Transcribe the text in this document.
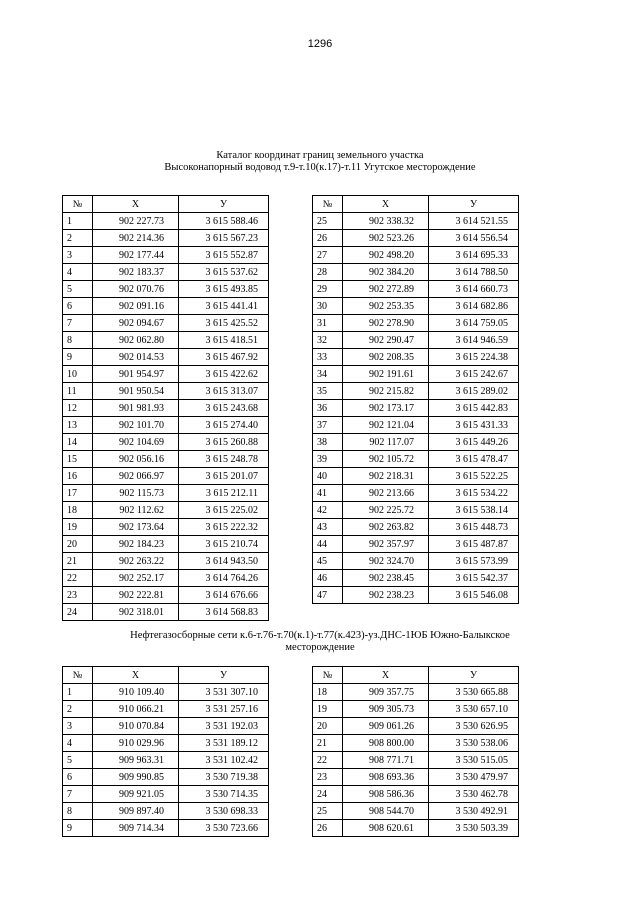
1296
Каталог координат границ земельного участка
Высоконапорный водовод т.9-т.10(к.17)-т.11 Угутское месторождение
№	X	У
1	902 227.73	3 615 588.46
2	902 214.36	3 615 567.23
3	902 177.44	3 615 552.87
4	902 183.37	3 615 537.62
5	902 070.76	3 615 493.85
6	902 091.16	3 615 441.41
7	902 094.67	3 615 425.52
8	902 062.80	3 615 418.51
9	902 014.53	3 615 467.92
10	901 954.97	3 615 422.62
11	901 950.54	3 615 313.07
12	901 981.93	3 615 243.68
13	902 101.70	3 615 274.40
14	902 104.69	3 615 260.88
15	902 056.16	3 615 248.78
16	902 066.97	3 615 201.07
17	902 115.73	3 615 212.11
18	902 112.62	3 615 225.02
19	902 173.64	3 615 222.32
20	902 184.23	3 615 210.74
21	902 263.22	3 614 943.50
22	902 252.17	3 614 764.26
23	902 222.81	3 614 676.66
24	902 318.01	3 614 568.83
№	X	У
25	902 338.32	3 614 521.55
26	902 523.26	3 614 556.54
27	902 498.20	3 614 695.33
28	902 384.20	3 614 788.50
29	902 272.89	3 614 660.73
30	902 253.35	3 614 682.86
31	902 278.90	3 614 759.05
32	902 290.47	3 614 946.59
33	902 208.35	3 615 224.38
34	902 191.61	3 615 242.67
35	902 215.82	3 615 289.02
36	902 173.17	3 615 442.83
37	902 121.04	3 615 431.33
38	902 117.07	3 615 449.26
39	902 105.72	3 615 478.47
40	902 218.31	3 615 522.25
41	902 213.66	3 615 534.22
42	902 225.72	3 615 538.14
43	902 263.82	3 615 448.73
44	902 357.97	3 615 487.87
45	902 324.70	3 615 573.99
46	902 238.45	3 615 542.37
47	902 238.23	3 615 546.08
Нефтегазосборные сети к.6-т.76-т.70(к.1)-т.77(к.423)-уз.ДНС-1ЮБ Южно-Балыкское
месторождение
№	X	У
1	910 109.40	3 531 307.10
2	910 066.21	3 531 257.16
3	910 070.84	3 531 192.03
4	910 029.96	3 531 189.12
5	909 963.31	3 531 102.42
6	909 990.85	3 530 719.38
7	909 921.05	3 530 714.35
8	909 897.40	3 530 698.33
9	909 714.34	3 530 723.66
№	X	У
18	909 357.75	3 530 665.88
19	909 305.73	3 530 657.10
20	909 061.26	3 530 626.95
21	908 800.00	3 530 538.06
22	908 771.71	3 530 515.05
23	908 693.36	3 530 479.97
24	908 586.36	3 530 462.78
25	908 544.70	3 530 492.91
26	908 620.61	3 530 503.39
